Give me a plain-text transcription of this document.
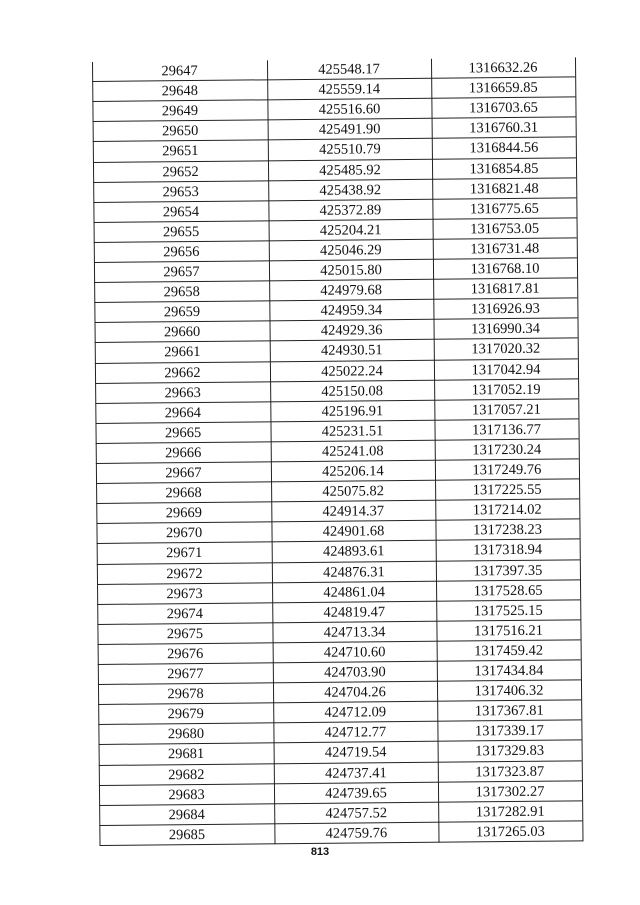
29647	425548.17	1316632.26
29648	425559.14	1316659.85
29649	425516.60	1316703.65
29650	425491.90	1316760.31
29651	425510.79	1316844.56
29652	425485.92	1316854.85
29653	425438.92	1316821.48
29654	425372.89	1316775.65
29655	425204.21	1316753.05
29656	425046.29	1316731.48
29657	425015.80	1316768.10
29658	424979.68	1316817.81
29659	424959.34	1316926.93
29660	424929.36	1316990.34
29661	424930.51	1317020.32
29662	425022.24	1317042.94
29663	425150.08	1317052.19
29664	425196.91	1317057.21
29665	425231.51	1317136.77
29666	425241.08	1317230.24
29667	425206.14	1317249.76
29668	425075.82	1317225.55
29669	424914.37	1317214.02
29670	424901.68	1317238.23
29671	424893.61	1317318.94
29672	424876.31	1317397.35
29673	424861.04	1317528.65
29674	424819.47	1317525.15
29675	424713.34	1317516.21
29676	424710.60	1317459.42
29677	424703.90	1317434.84
29678	424704.26	1317406.32
29679	424712.09	1317367.81
29680	424712.77	1317339.17
29681	424719.54	1317329.83
29682	424737.41	1317323.87
29683	424739.65	1317302.27
29684	424757.52	1317282.91
29685	424759.76	1317265.03
813
